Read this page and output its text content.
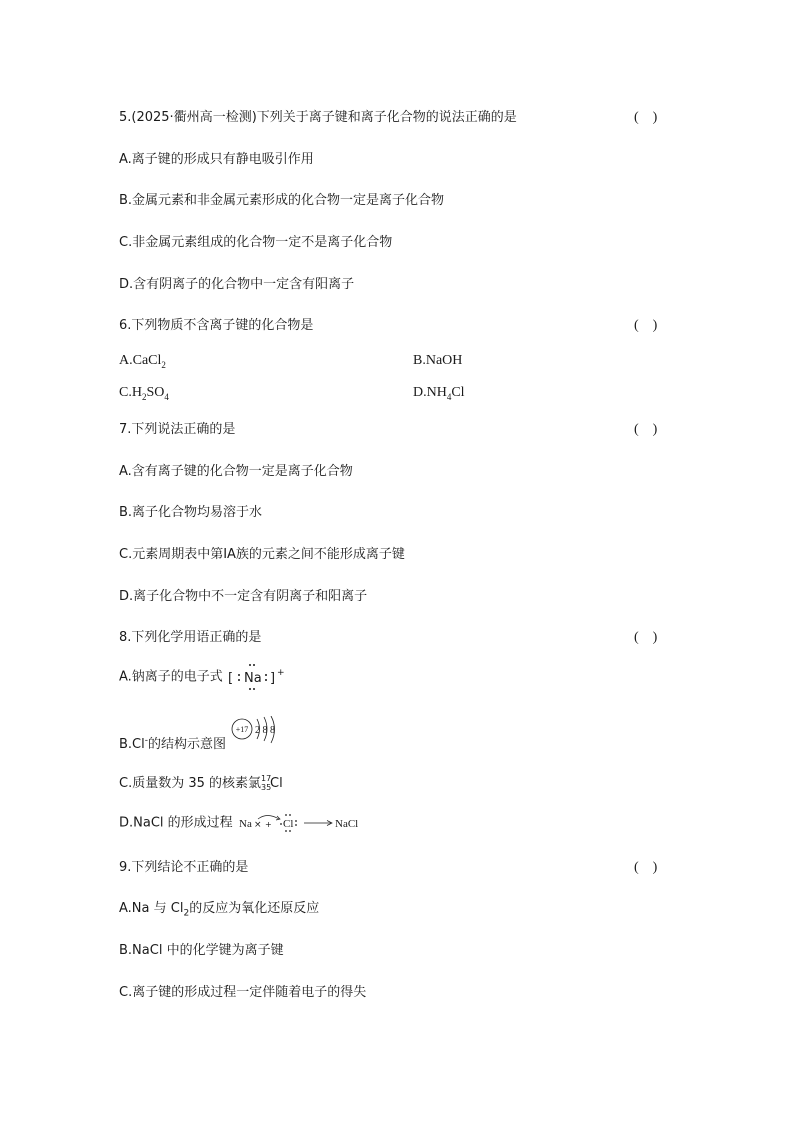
5.(2025·衢州高一检测)下列关于离子键和离子化合物的说法正确的是	(    )
A.离子键的形成只有静电吸引作用
B.金属元素和非金属元素形成的化合物一定是离子化合物
C.非金属元素组成的化合物一定不是离子化合物
D.含有阴离子的化合物中一定含有阳离子
6.下列物质不含离子键的化合物是	(    )
A.CaCl$_2$	B.NaOH
$C.H_2SO_4$	$D.NH_4Cl$
7.下列说法正确的是	(    )
A.含有离子键的化合物一定是离子化合物
B.离子化合物均易溶于水
C.元素周期表中第ⅠA族的元素之间不能形成离子键
D.离子化合物中不一定含有阴离子和阳离子
8.下列化学用语正确的是	(    )
A.钠离子的电子式 [ Na ] +
B.Cl-的结构示意图
+17 2 8 8
C.质量数为 35 的核素氯 17
35
Cl
D.NaCl 的形成过程 Na × + Cl	NaCl
9.下列结论不正确的是	(    )
A.Na 与 $Cl_2$的反应为氧化还原反应
B.NaCl 中的化学键为离子键
C.离子键的形成过程一定伴随着电子的得失
